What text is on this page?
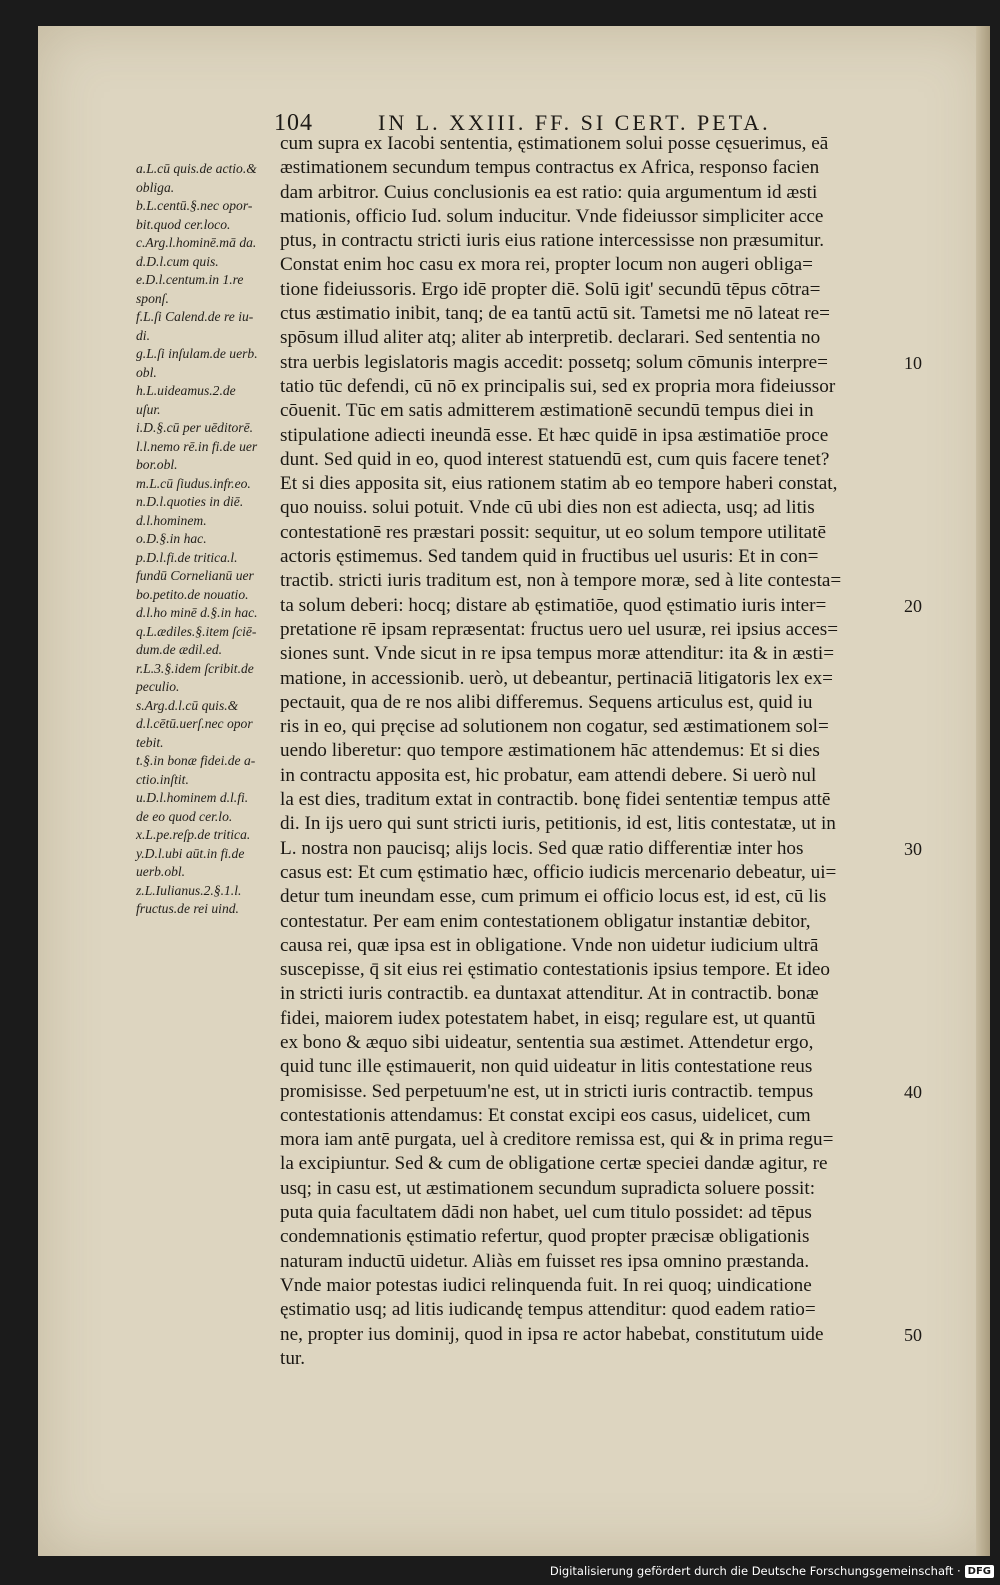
104	IN L. XXIII. FF. SI CERT. PETA.
a.L.cū quis.de actio.&
obliga.
b.L.centū.§.nec opor-
bit.quod cer.loco.
c.Arg.l.hominē.mā da.
d.D.l.cum quis.
e.D.l.centum.in 1.re
sponſ.
f.L.ſi Calend.de re iu-
di.
g.L.ſi inſulam.de uerb.
obl.
h.L.uideamus.2.de
uſur.
i.D.§.cū per uēditorē.
l.l.nemo rē.in fi.de uer
bor.obl.
m.L.cū ſiudus.infr.eo.
n.D.l.quoties in diē.
d.l.hominem.
o.D.§.in hac.
p.D.l.fi.de tritica.l.
fundū Cornelianū uer
bo.petito.de nouatio.
d.l.ho minē d.§.in hac.
q.L.ædiles.§.item ſciē-
dum.de ædil.ed.
r.L.3.§.idem ſcribit.de
peculio.
s.Arg.d.l.cū quis.&
d.l.cētū.uerſ.nec opor
tebit.
t.§.in bonæ fidei.de a-
ctio.inſtit.
u.D.l.hominem d.l.fi.
de eo quod cer.lo.
x.L.pe.reſp.de tritica.
y.D.l.ubi aūt.in fi.de
uerb.obl.
z.L.Iulianus.2.§.1.l.
fructus.de rei uind.
cum supra ex Iacobi sententia, ęstimationem solui posse cęsuerimus, eā
æstimationem secundum tempus contractus ex Africa, responso facien
dam arbitror. Cuius conclusionis ea est ratio: quia argumentum id æsti
mationis, officio Iud. solum inducitur. Vnde fideiussor simpliciter acce
ptus, in contractu stricti iuris eius ratione intercessisse non præsumitur.
Constat enim hoc casu ex mora rei, propter locum non augeri obliga=
tione fideiussoris. Ergo idē propter diē. Solū igit' secundū tēpus cōtra=
ctus æstimatio inibit, tanq; de ea tantū actū sit. Tametsi me nō lateat re=
spōsum illud aliter atq; aliter ab interpretib. declarari. Sed sententia no
stra uerbis legislatoris magis accedit: possetq; solum cōmunis interpre=
tatio tūc defendi, cū nō ex principalis sui, sed ex propria mora fideiussor
cōuenit. Tūc em satis admitterem æstimationē secundū tempus diei in
stipulatione adiecti ineundā esse. Et hæc quidē in ipsa æstimatiōe proce
dunt. Sed quid in eo, quod interest statuendū est, cum quis facere tenet?
Et si dies apposita sit, eius rationem statim ab eo tempore haberi constat,
quo nouiss. solui potuit. Vnde cū ubi dies non est adiecta, usq; ad litis
contestationē res præstari possit: sequitur, ut eo solum tempore utilitatē
actoris ęstimemus. Sed tandem quid in fructibus uel usuris: Et in con=
tractib. stricti iuris traditum est, non à tempore moræ, sed à lite contesta=
ta solum deberi: hocq; distare ab ęstimatiōe, quod ęstimatio iuris inter=
pretatione rē ipsam repræsentat: fructus uero uel usuræ, rei ipsius acces=
siones sunt. Vnde sicut in re ipsa tempus moræ attenditur: ita & in æsti=
matione, in accessionib. uerò, ut debeantur, pertinaciā litigatoris lex ex=
pectauit, qua de re nos alibi differemus. Sequens articulus est, quid iu
ris in eo, qui pręcise ad solutionem non cogatur, sed æstimationem sol=
uendo liberetur: quo tempore æstimationem hāc attendemus: Et si dies
in contractu apposita est, hic probatur, eam attendi debere. Si uerò nul
la est dies, traditum extat in contractib. bonę fidei sententiæ tempus attē
di. In ijs uero qui sunt stricti iuris, petitionis, id est, litis contestatæ, ut in
L. nostra non paucisq; alijs locis. Sed quæ ratio differentiæ inter hos
casus est: Et cum ęstimatio hæc, officio iudicis mercenario debeatur, ui=
detur tum ineundam esse, cum primum ei officio locus est, id est, cū lis
contestatur. Per eam enim contestationem obligatur instantiæ debitor,
causa rei, quæ ipsa est in obligatione. Vnde non uidetur iudicium ultrā
suscepisse, q̄ sit eius rei ęstimatio contestationis ipsius tempore. Et ideo
in stricti iuris contractib. ea duntaxat attenditur. At in contractib. bonæ
fidei, maiorem iudex potestatem habet, in eisq; regulare est, ut quantū
ex bono & æquo sibi uideatur, sententia sua æstimet. Attendetur ergo,
quid tunc ille ęstimauerit, non quid uideatur in litis contestatione reus
promisisse. Sed perpetuum'ne est, ut in stricti iuris contractib. tempus
contestationis attendamus: Et constat excipi eos casus, uidelicet, cum
mora iam antē purgata, uel à creditore remissa est, qui & in prima regu=
la excipiuntur. Sed & cum de obligatione certæ speciei dandæ agitur, re
usq; in casu est, ut æstimationem secundum supradicta soluere possit:
puta quia facultatem dādi non habet, uel cum titulo possidet: ad tēpus
condemnationis ęstimatio refertur, quod propter præcisæ obligationis
naturam inductū uidetur. Aliàs em fuisset res ipsa omnino præstanda.
Vnde maior potestas iudici relinquenda fuit. In rei quoq; uindicatione
ęstimatio usq; ad litis iudicandę tempus attenditur: quod eadem ratio=
ne, propter ius dominij, quod in ipsa re actor habebat, constitutum uide
tur.
10
20
30
40
50
Digitalisierung gefördert durch die Deutsche Forschungsgemeinschaft · DFG
